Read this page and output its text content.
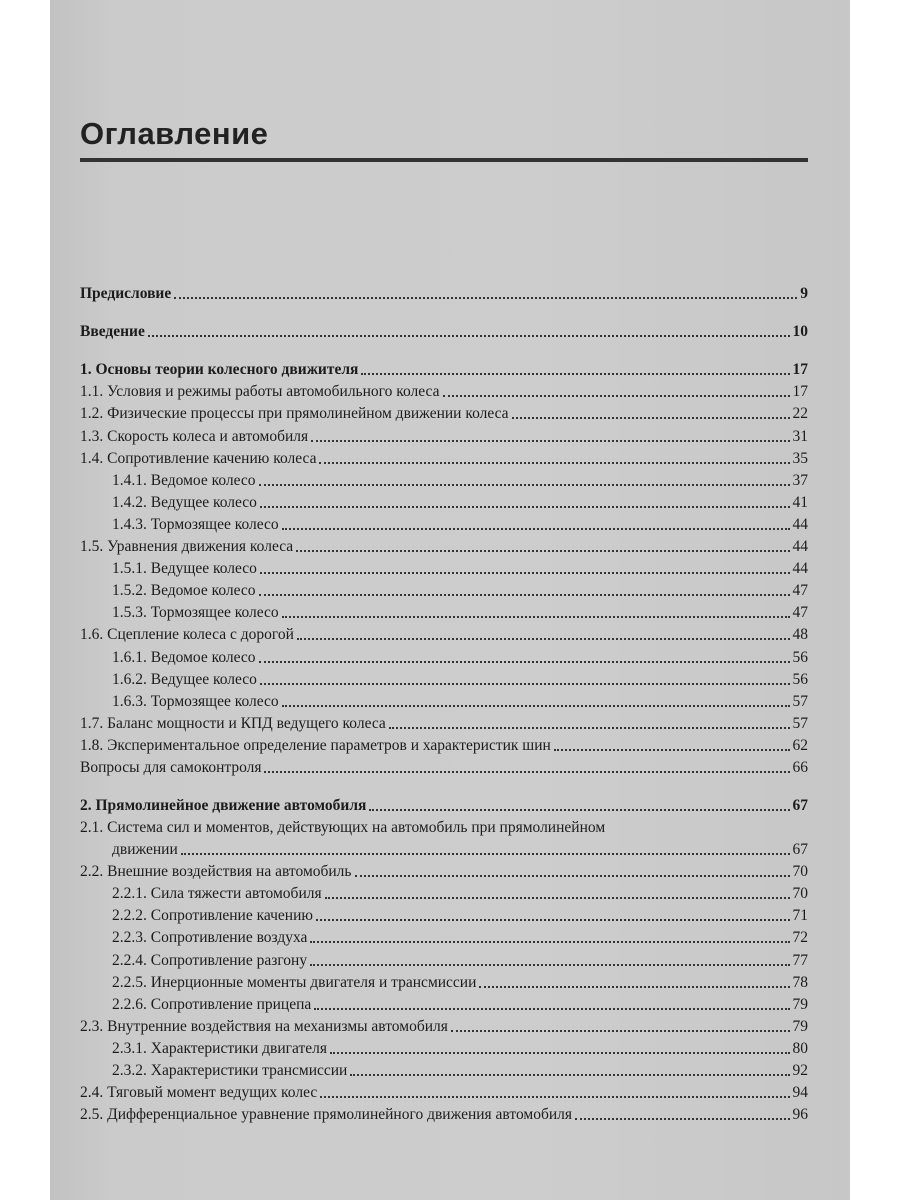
Оглавление
Предисловие	9
Введение	10
1. Основы теории колесного движителя	17
1.1. Условия и режимы работы автомобильного колеса	17
1.2. Физические процессы при прямолинейном движении колеса	22
1.3. Скорость колеса и автомобиля	31
1.4. Сопротивление качению колеса	35
1.4.1. Ведомое колесо	37
1.4.2. Ведущее колесо	41
1.4.3. Тормозящее колесо	44
1.5. Уравнения движения колеса	44
1.5.1. Ведущее колесо	44
1.5.2. Ведомое колесо	47
1.5.3. Тормозящее колесо	47
1.6. Сцепление колеса с дорогой	48
1.6.1. Ведомое колесо	56
1.6.2. Ведущее колесо	56
1.6.3. Тормозящее колесо	57
1.7. Баланс мощности и КПД ведущего колеса	57
1.8. Экспериментальное определение параметров и характеристик шин	62
Вопросы для самоконтроля	66
2. Прямолинейное движение автомобиля	67
2.1. Система сил и моментов, действующих на автомобиль при прямолинейном
движении	67
2.2. Внешние воздействия на автомобиль	70
2.2.1. Сила тяжести автомобиля	70
2.2.2. Сопротивление качению	71
2.2.3. Сопротивление воздуха	72
2.2.4. Сопротивление разгону	77
2.2.5. Инерционные моменты двигателя и трансмиссии	78
2.2.6. Сопротивление прицепа	79
2.3. Внутренние воздействия на механизмы автомобиля	79
2.3.1. Характеристики двигателя	80
2.3.2. Характеристики трансмиссии	92
2.4. Тяговый момент ведущих колес	94
2.5. Дифференциальное уравнение прямолинейного движения автомобиля	96
